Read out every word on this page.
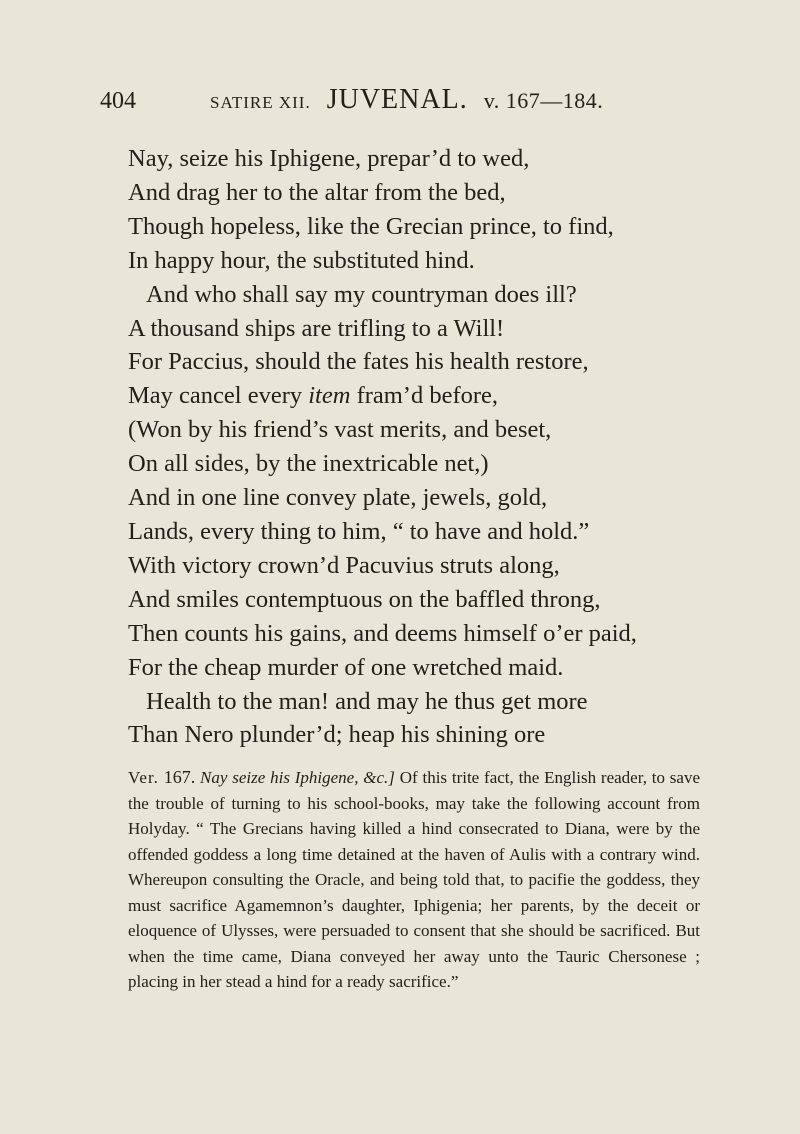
404	SATIRE XII. JUVENAL. v. 167—184.
Nay, seize his Iphigene, prepar’d to wed,
And drag her to the altar from the bed,
Though hopeless, like the Grecian prince, to find,
In happy hour, the substituted hind.
And who shall say my countryman does ill?
A thousand ships are trifling to a Will!
For Paccius, should the fates his health restore,
May cancel every item fram’d before,
(Won by his friend’s vast merits, and beset,
On all sides, by the inextricable net,)
And in one line convey plate, jewels, gold,
Lands, every thing to him, “ to have and hold.”
With victory crown’d Pacuvius struts along,
And smiles contemptuous on the baffled throng,
Then counts his gains, and deems himself o’er paid,
For the cheap murder of one wretched maid.
Health to the man! and may he thus get more
Than Nero plunder’d; heap his shining ore

Ver. 167. Nay seize his Iphigene, &c.] Of this trite fact, the English reader, to save the trouble of turning to his school-books, may take the following account from Holyday. “ The Grecians having killed a hind consecrated to Diana, were by the offended goddess a long time detained at the haven of Aulis with a contrary wind. Whereupon consulting the Oracle, and being told that, to pacifie the goddess, they must sacrifice Agamemnon’s daughter, Iphigenia; her parents, by the deceit or eloquence of Ulysses, were persuaded to consent that she should be sacrificed. But when the time came, Diana conveyed her away unto the Tauric Chersonese ; placing in her stead a hind for a ready sacrifice.”
